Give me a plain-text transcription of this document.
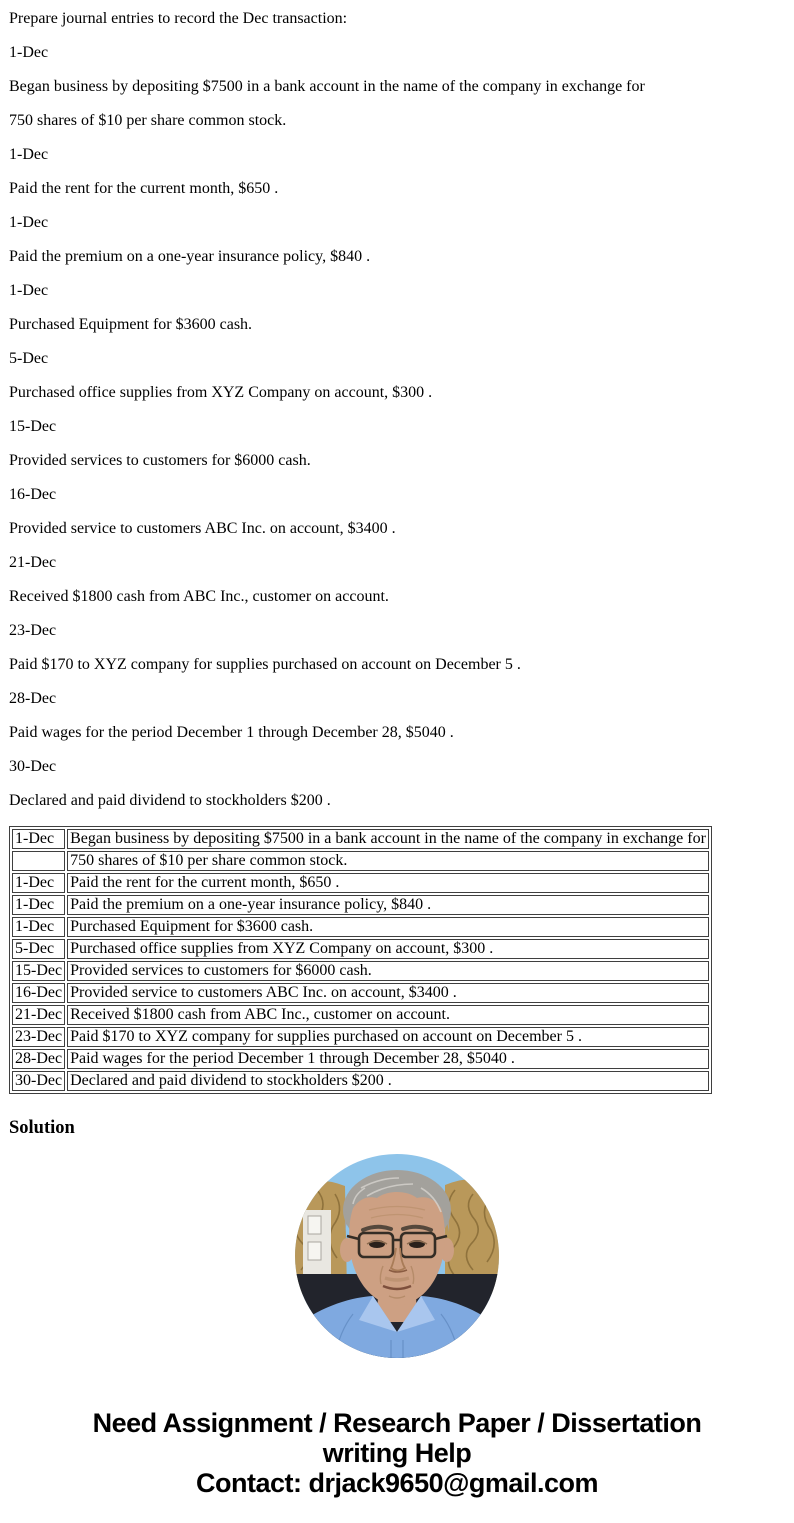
Prepare journal entries to record the Dec transaction:

1-Dec

Began business by depositing $7500 in a bank account in the name of the company in exchange for

750 shares of $10 per share common stock.

1-Dec

Paid the rent for the current month, $650 .

1-Dec

Paid the premium on a one-year insurance policy, $840 .

1-Dec

Purchased Equipment for $3600 cash.

5-Dec

Purchased office supplies from XYZ Company on account, $300 .

15-Dec

Provided services to customers for $6000 cash.

16-Dec

Provided service to customers ABC Inc. on account, $3400 .

21-Dec

Received $1800 cash from ABC Inc., customer on account.

23-Dec

Paid $170 to XYZ company for supplies purchased on account on December 5 .

28-Dec

Paid wages for the period December 1 through December 28, $5040 .

30-Dec

Declared and paid dividend to stockholders $200 .

1-Dec	Began business by depositing $7500 in a bank account in the name of the company in exchange for
	750 shares of $10 per share common stock.
1-Dec	Paid the rent for the current month, $650 .
1-Dec	Paid the premium on a one-year insurance policy, $840 .
1-Dec	Purchased Equipment for $3600 cash.
5-Dec	Purchased office supplies from XYZ Company on account, $300 .
15-Dec	Provided services to customers for $6000 cash.
16-Dec	Provided service to customers ABC Inc. on account, $3400 .
21-Dec	Received $1800 cash from ABC Inc., customer on account.
23-Dec	Paid $170 to XYZ company for supplies purchased on account on December 5 .
28-Dec	Paid wages for the period December 1 through December 28, $5040 .
30-Dec	Declared and paid dividend to stockholders $200 .
Solution
Need Assignment / Research Paper / Dissertation
writing Help
Contact: drjack9650@gmail.com
